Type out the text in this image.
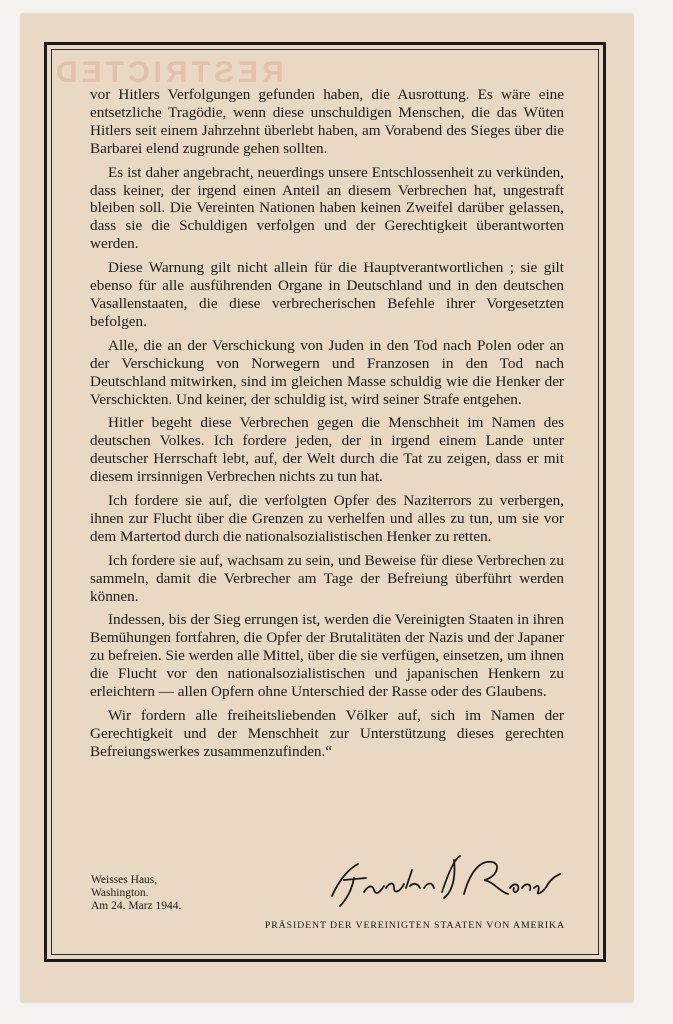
RESTRICTED

vor Hitlers Verfolgungen gefunden haben, die Ausrottung. Es wäre eine entsetzliche Tragödie, wenn diese unschuldigen Menschen, die das Wüten Hitlers seit einem Jahrzehnt überlebt haben, am Vorabend des Sieges über die Barbarei elend zugrunde gehen sollten.

Es ist daher angebracht, neuerdings unsere Entschlossenheit zu verkünden, dass keiner, der irgend einen Anteil an diesem Verbrechen hat, ungestraft bleiben soll. Die Vereinten Nationen haben keinen Zweifel darüber gelassen, dass sie die Schuldigen verfolgen und der Gerechtigkeit überantworten werden.

Diese Warnung gilt nicht allein für die Hauptverantwortlichen ; sie gilt ebenso für alle ausführenden Organe in Deutschland und in den deutschen Vasallenstaaten, die diese verbrecherischen Befehle ihrer Vorgesetzten befolgen.

Alle, die an der Verschickung von Juden in den Tod nach Polen oder an der Verschickung von Norwegern und Franzosen in den Tod nach Deutschland mitwirken, sind im gleichen Masse schuldig wie die Henker der Verschickten. Und keiner, der schuldig ist, wird seiner Strafe entgehen.

Hitler begeht diese Verbrechen gegen die Menschheit im Namen des deutschen Volkes. Ich fordere jeden, der in irgend einem Lande unter deutscher Herrschaft lebt, auf, der Welt durch die Tat zu zeigen, dass er mit diesem irrsinnigen Verbrechen nichts zu tun hat.

Ich fordere sie auf, die verfolgten Opfer des Naziterrors zu verbergen, ihnen zur Flucht über die Grenzen zu verhelfen und alles zu tun, um sie vor dem Martertod durch die nationalsozialistischen Henker zu retten.

Ich fordere sie auf, wachsam zu sein, und Beweise für diese Verbrechen zu sammeln, damit die Verbrecher am Tage der Befreiung überführt werden können.

Indessen, bis der Sieg errungen ist, werden die Vereinigten Staaten in ihren Bemühungen fortfahren, die Opfer der Brutalitäten der Nazis und der Japaner zu befreien. Sie werden alle Mittel, über die sie verfügen, einsetzen, um ihnen die Flucht vor den nationalsozialistischen und japanischen Henkern zu erleichtern — allen Opfern ohne Unterschied der Rasse oder des Glaubens.

Wir fordern alle freiheitsliebenden Völker auf, sich im Namen der Gerechtigkeit und der Menschheit zur Unterstützung dieses gerechten Befreiungswerkes zusammenzufinden.“

Weisses Haus,
Washington.
Am 24. Marz 1944.
PRÄSIDENT DER VEREINIGTEN STAATEN VON AMERIKA
